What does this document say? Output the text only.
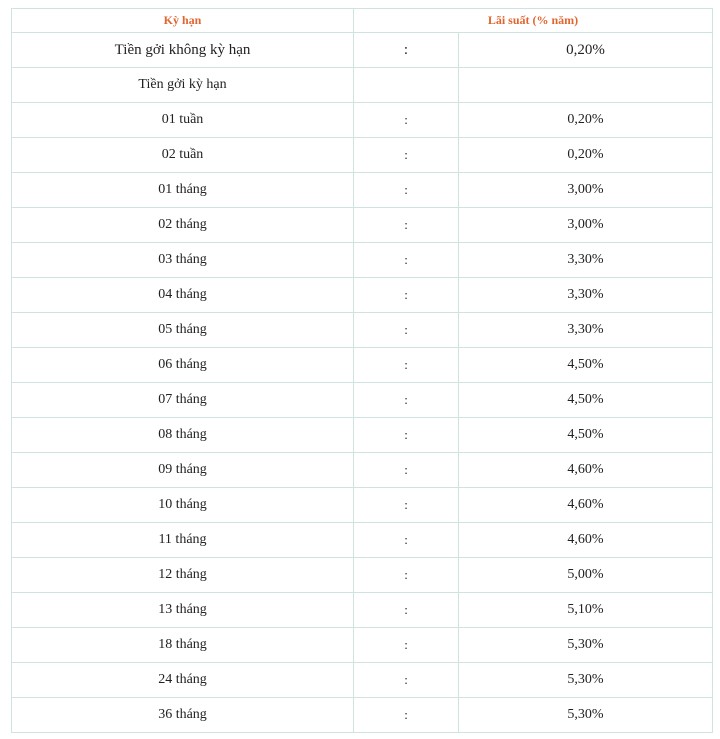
Kỳ hạn	Lãi suất (% năm)	
Tiền gởi không kỳ hạn	:	0,20%
Tiền gởi kỳ hạn		
01 tuần	:	0,20%
02 tuần	:	0,20%
01 tháng	:	3,00%
02 tháng	:	3,00%
03 tháng	:	3,30%
04 tháng	:	3,30%
05 tháng	:	3,30%
06 tháng	:	4,50%
07 tháng	:	4,50%
08 tháng	:	4,50%
09 tháng	:	4,60%
10 tháng	:	4,60%
11 tháng	:	4,60%
12 tháng	:	5,00%
13 tháng	:	5,10%
18 tháng	:	5,30%
24 tháng	:	5,30%
36 tháng	:	5,30%
